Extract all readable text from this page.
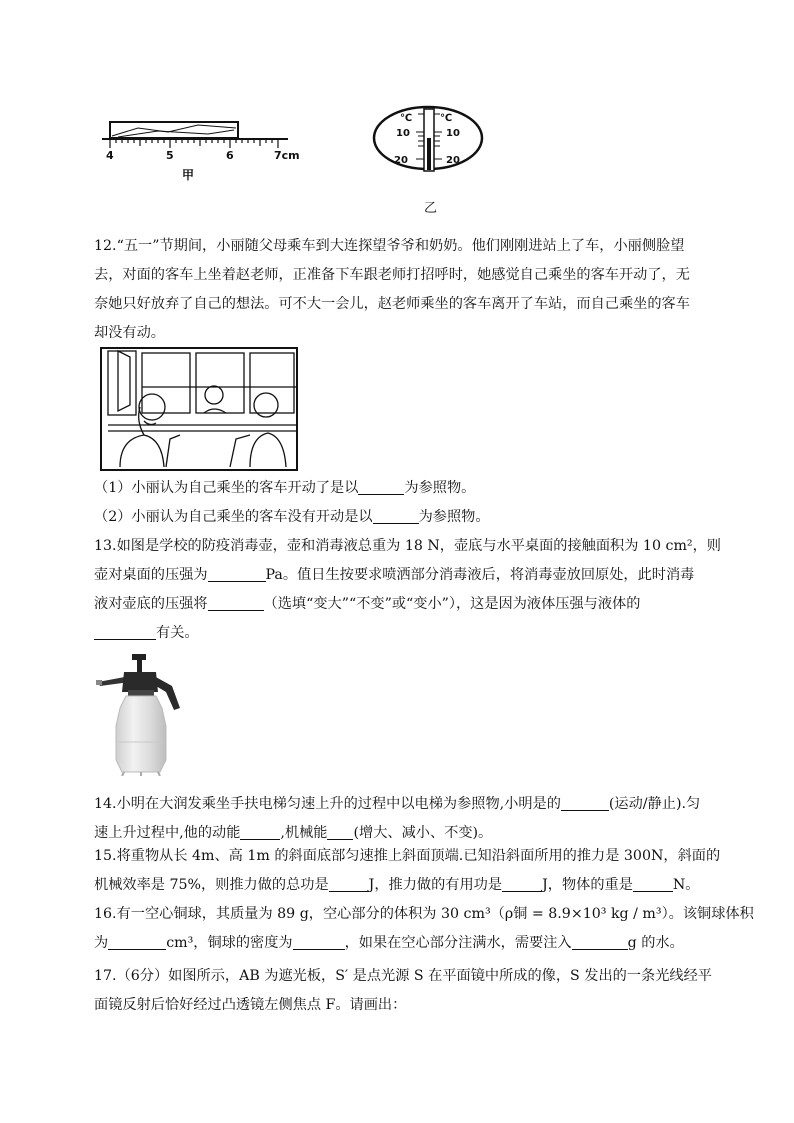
4	5	6	7cm
甲
℃	℃
10	10
20	20
乙
12.“五一”节期间，小丽随父母乘车到大连探望爷爷和奶奶。他们刚刚进站上了车，小丽侧脸望
去，对面的客车上坐着赵老师，正准备下车跟老师打招呼时，她感觉自己乘坐的客车开动了，无
奈她只好放弃了自己的想法。可不大一会儿，赵老师乘坐的客车离开了车站，而自己乘坐的客车
却没有动。
（1）小丽认为自己乘坐的客车开动了是以	为参照物。
（2）小丽认为自己乘坐的客车没有开动是以	为参照物。
13.如图是学校的防疫消毒壶，壶和消毒液总重为 18 N，壶底与水平桌面的接触面积为 10 cm²，则
壶对桌面的压强为	Pa。值日生按要求喷洒部分消毒液后，将消毒壶放回原处，此时消毒
液对壶底的压强将	（选填“变大”“不变”或“变小”），这是因为液体压强与液体的
有关。
14.小明在大润发乘坐手扶电梯匀速上升的过程中以电梯为参照物,小明是的	(运动/静止).匀
速上升过程中,他的动能	,机械能 (增大、减小、不变)。
15.将重物从长 4m、高 1m 的斜面底部匀速推上斜面顶端.已知沿斜面所用的推力是 300N，斜面的
机械效率是 75%，则推力做的总功是	J，推力做的有用功是	J，物体的重是	N。
16.有一空心铜球，其质量为 89 g，空心部分的体积为 30 cm³（ρ铜 = 8.9×10³ kg / m³）。该铜球体积
为	cm³，铜球的密度为	，如果在空心部分注满水，需要注入	g 的水。
17.（6分）如图所示，AB 为遮光板，S′ 是点光源 S 在平面镜中所成的像，S 发出的一条光线经平
面镜反射后恰好经过凸透镜左侧焦点 F。请画出：
